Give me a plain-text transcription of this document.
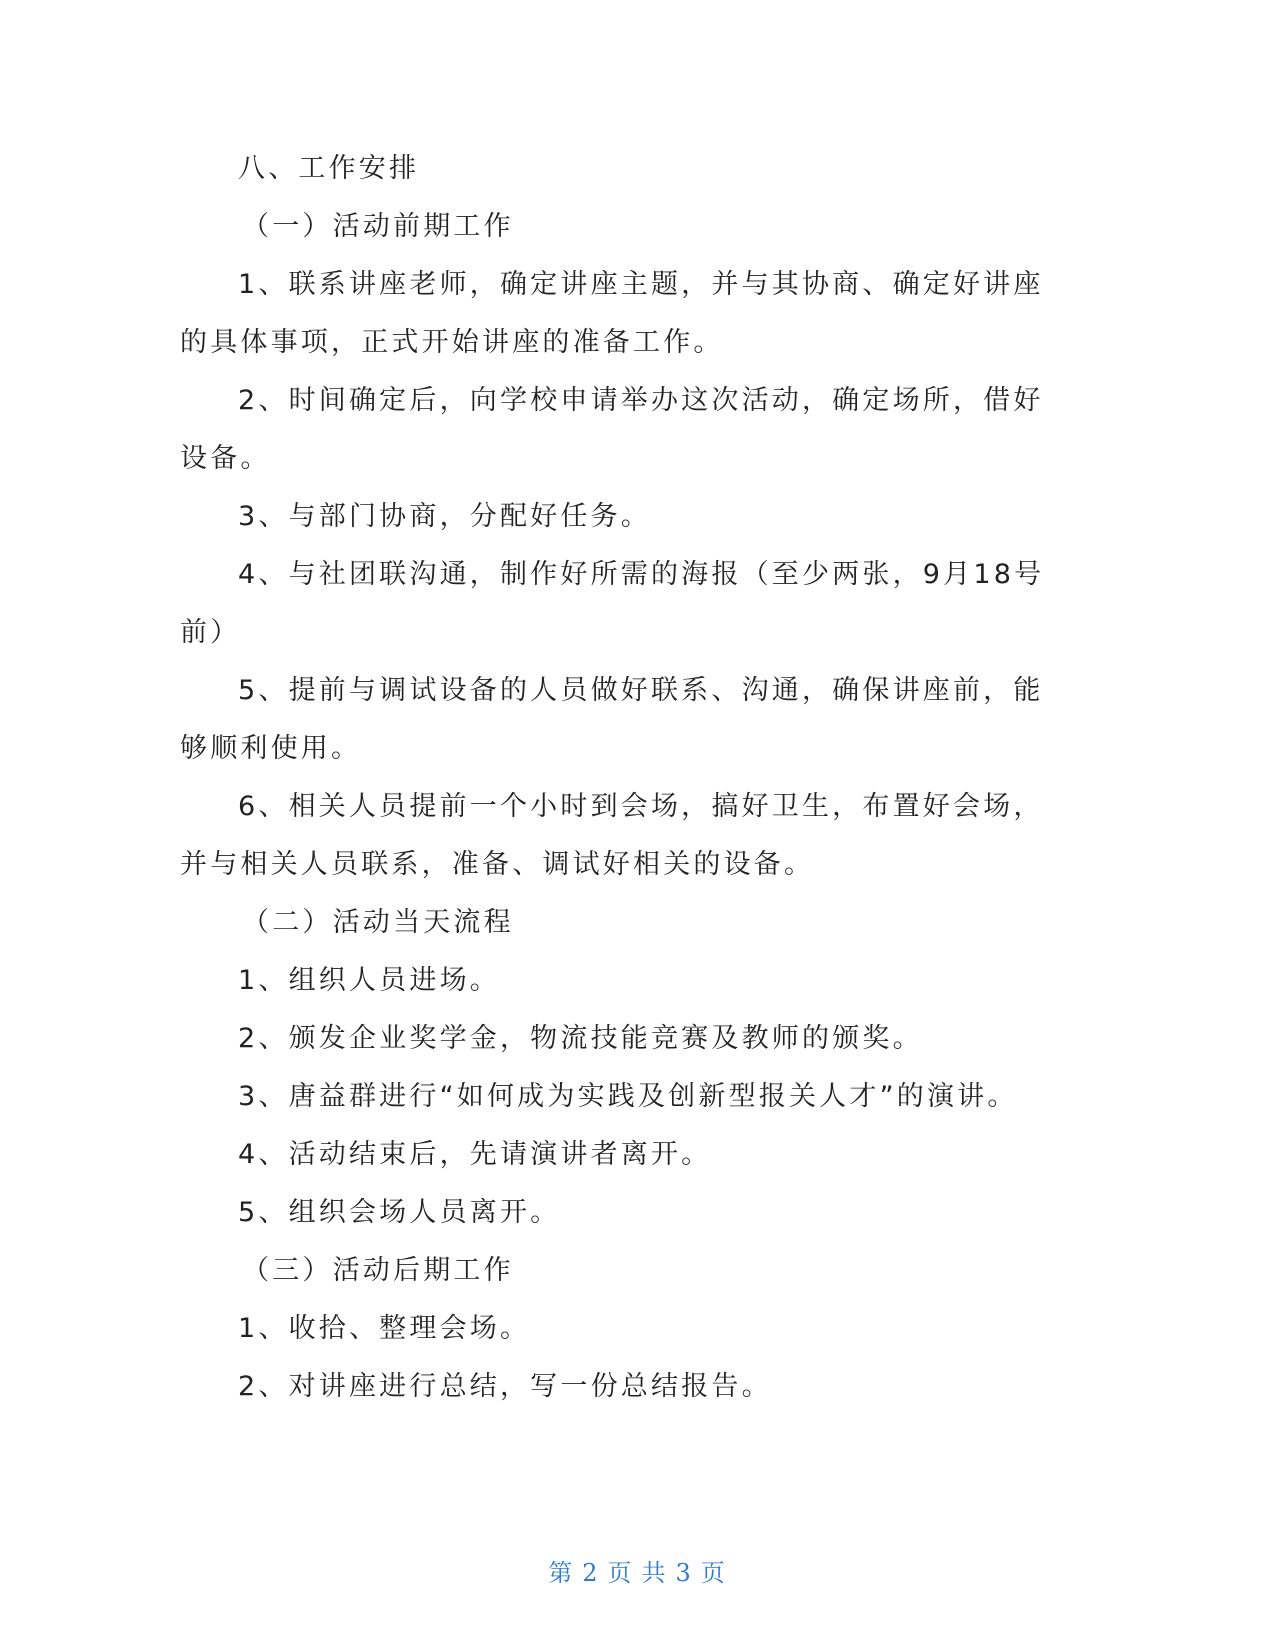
八、工作安排

（一）活动前期工作

1、联系讲座老师，确定讲座主题，并与其协商、确定好讲座

的具体事项，正式开始讲座的准备工作。

2、时间确定后，向学校申请举办这次活动，确定场所，借好

设备。

3、与部门协商，分配好任务。

4、与社团联沟通，制作好所需的海报（至少两张，9月18号

前）

5、提前与调试设备的人员做好联系、沟通，确保讲座前，能

够顺利使用。

6、相关人员提前一个小时到会场，搞好卫生，布置好会场，

并与相关人员联系，准备、调试好相关的设备。

（二）活动当天流程

1、组织人员进场。

2、颁发企业奖学金，物流技能竞赛及教师的颁奖。

3、唐益群进行“如何成为实践及创新型报关人才”的演讲。

4、活动结束后，先请演讲者离开。

5、组织会场人员离开。

（三）活动后期工作

1、收拾、整理会场。

2、对讲座进行总结，写一份总结报告。

第 2 页 共 3 页
